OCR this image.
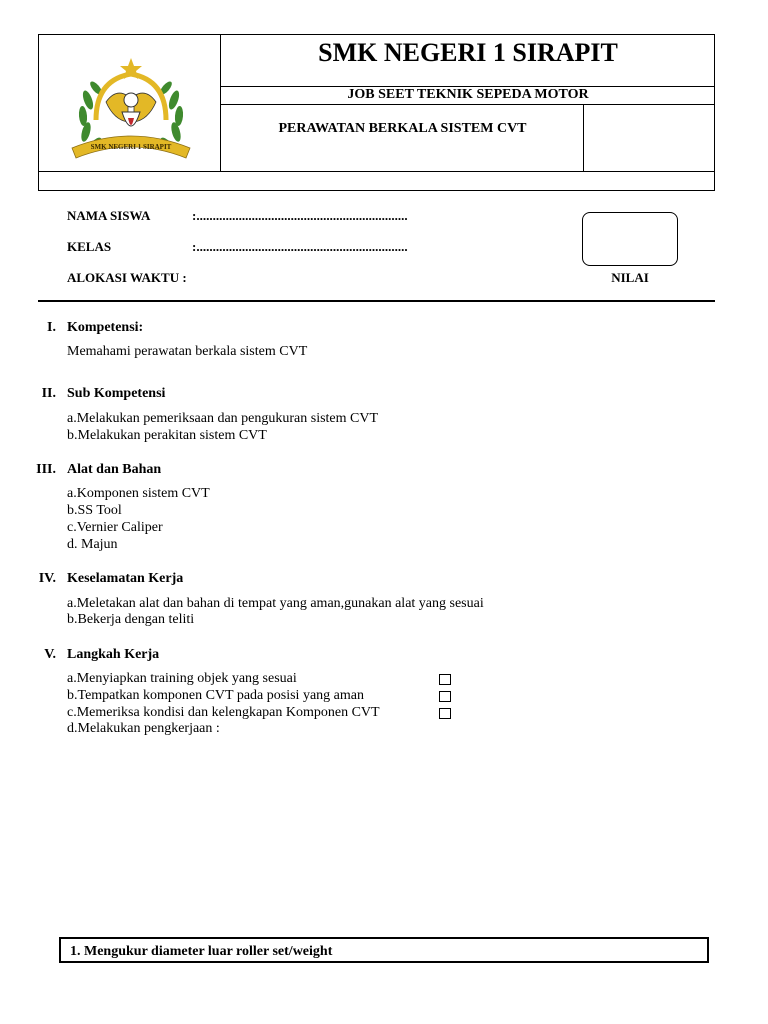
SMK NEGERI 1 SIRAPIT
SMK NEGERI 1 SIRAPIT
JOB SEET TEKNIK SEPEDA MOTOR
PERAWATAN BERKALA SISTEM CVT
NAMA SISWA	:.................................................................
KELAS	:.................................................................
ALOKASI WAKTU :	NILAI
I. Kompetensi:
Memahami perawatan berkala sistem CVT
II. Sub Kompetensi
a.Melakukan pemeriksaan dan pengukuran sistem CVT
b.Melakukan perakitan sistem CVT
III. Alat dan Bahan
a.Komponen sistem CVT
b.SS Tool
c.Vernier Caliper
d. Majun
IV. Keselamatan Kerja
a.Meletakan alat dan bahan di tempat yang aman,gunakan alat yang sesuai
b.Bekerja dengan teliti
V. Langkah Kerja
a.Menyiapkan training objek yang sesuai
b.Tempatkan komponen CVT pada posisi yang aman
c.Memeriksa kondisi dan kelengkapan Komponen CVT
d.Melakukan pengkerjaan :
1. Mengukur diameter luar roller set/weight
